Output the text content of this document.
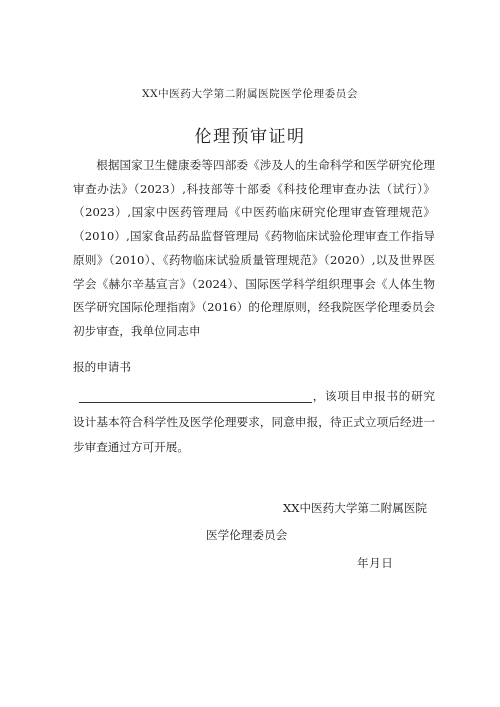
XX中医药大学第二附属医院医学伦理委员会
伦理预审证明

根据国家卫生健康委等四部委《涉及人的生命科学和医学研究伦理审查办法》（2023）,科技部等十部委《科技伦理审查办法（试行）》（2023）,国家中医药管理局《中医药临床研究伦理审查管理规范》（2010）,国家食品药品监督管理局《药物临床试验伦理审查工作指导原则》（2010）、《药物临床试验质量管理规范》（2020）,以及世界医学会《赫尔辛基宣言》（2024）、国际医学科学组织理事会《人体生物医学研究国际伦理指南》（2016）的伦理原则，经我院医学伦理委员会初步审查，我单位同志申

报的申请书
，该项目申报书的研究设计基本符合科学性及医学伦理要求，同意申报，待正式立项后经进一步审查通过方可开展。
XX中医药大学第二附属医院
医学伦理委员会
年月日
